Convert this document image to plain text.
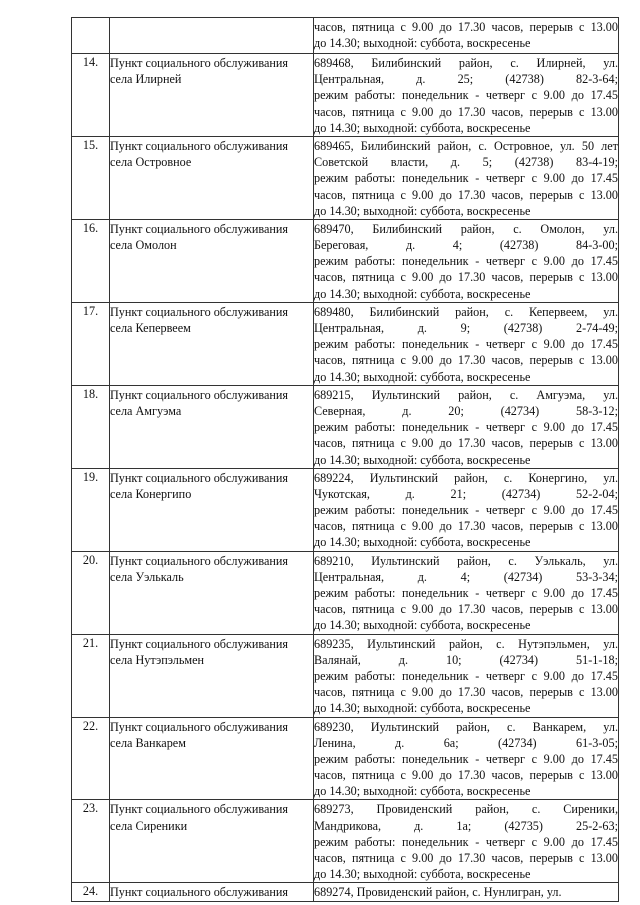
		часов, пятница с 9.00 до 17.30 часов, перерыв с 13.00
до 14.30; выходной: суббота, воскресенье

14.	Пункт социального обслуживания
села Илирней	689468, Билибинский район, с. Илирней, ул.
Центральная, д. 25; (42738) 82-3-64;
режим работы: понедельник - четверг с 9.00 до 17.45
часов, пятница с 9.00 до 17.30 часов, перерыв с 13.00
до 14.30; выходной: суббота, воскресенье

15.	Пункт социального обслуживания
села Островное	689465, Билибинский район, с. Островное, ул. 50 лет
Советской власти, д. 5; (42738) 83-4-19;
режим работы: понедельник - четверг с 9.00 до 17.45
часов, пятница с 9.00 до 17.30 часов, перерыв с 13.00
до 14.30; выходной: суббота, воскресенье

16.	Пункт социального обслуживания
села Омолон	689470, Билибинский район, с. Омолон, ул.
Береговая, д. 4; (42738) 84-3-00;
режим работы: понедельник - четверг с 9.00 до 17.45
часов, пятница с 9.00 до 17.30 часов, перерыв с 13.00
до 14.30; выходной: суббота, воскресенье

17.	Пункт социального обслуживания
села Кепервеем	689480, Билибинский район, с. Кепервеем, ул.
Центральная, д. 9; (42738) 2-74-49;
режим работы: понедельник - четверг с 9.00 до 17.45
часов, пятница с 9.00 до 17.30 часов, перерыв с 13.00
до 14.30; выходной: суббота, воскресенье

18.	Пункт социального обслуживания
села Амгуэма	689215, Иультинский район, с. Амгуэма, ул.
Северная, д. 20; (42734) 58-3-12;
режим работы: понедельник - четверг с 9.00 до 17.45
часов, пятница с 9.00 до 17.30 часов, перерыв с 13.00
до 14.30; выходной: суббота, воскресенье

19.	Пункт социального обслуживания
села Конергипо	689224, Иультинский район, с. Конергино, ул.
Чукотская, д. 21; (42734) 52-2-04;
режим работы: понедельник - четверг с 9.00 до 17.45
часов, пятница с 9.00 до 17.30 часов, перерыв с 13.00
до 14.30; выходной: суббота, воскресенье

20.	Пункт социального обслуживания
села Уэлькаль	689210, Иультинский район, с. Уэлькаль, ул.
Центральная, д. 4; (42734) 53-3-34;
режим работы: понедельник - четверг с 9.00 до 17.45
часов, пятница с 9.00 до 17.30 часов, перерыв с 13.00
до 14.30; выходной: суббота, воскресенье

21.	Пункт социального обслуживания
села Нутэпэльмен	689235, Иультинский район, с. Нутэпэльмен, ул.
Валянай, д. 10; (42734) 51-1-18;
режим работы: понедельник - четверг с 9.00 до 17.45
часов, пятница с 9.00 до 17.30 часов, перерыв с 13.00
до 14.30; выходной: суббота, воскресенье

22.	Пункт социального обслуживания
села Ванкарем	689230, Иультинский район, с. Ванкарем, ул.
Ленина, д. 6а; (42734) 61-3-05;
режим работы: понедельник - четверг с 9.00 до 17.45
часов, пятница с 9.00 до 17.30 часов, перерыв с 13.00
до 14.30; выходной: суббота, воскресенье

23.	Пункт социального обслуживания
села Сиреники	689273, Провиденский район, с. Сиреники,
Мандрикова, д. 1а; (42735) 25-2-63;
режим работы: понедельник - четверг с 9.00 до 17.45
часов, пятница с 9.00 до 17.30 часов, перерыв с 13.00
до 14.30; выходной: суббота, воскресенье

24.	Пункт социального обслуживания	689274, Провиденский район, с. Нунлигран, ул.
